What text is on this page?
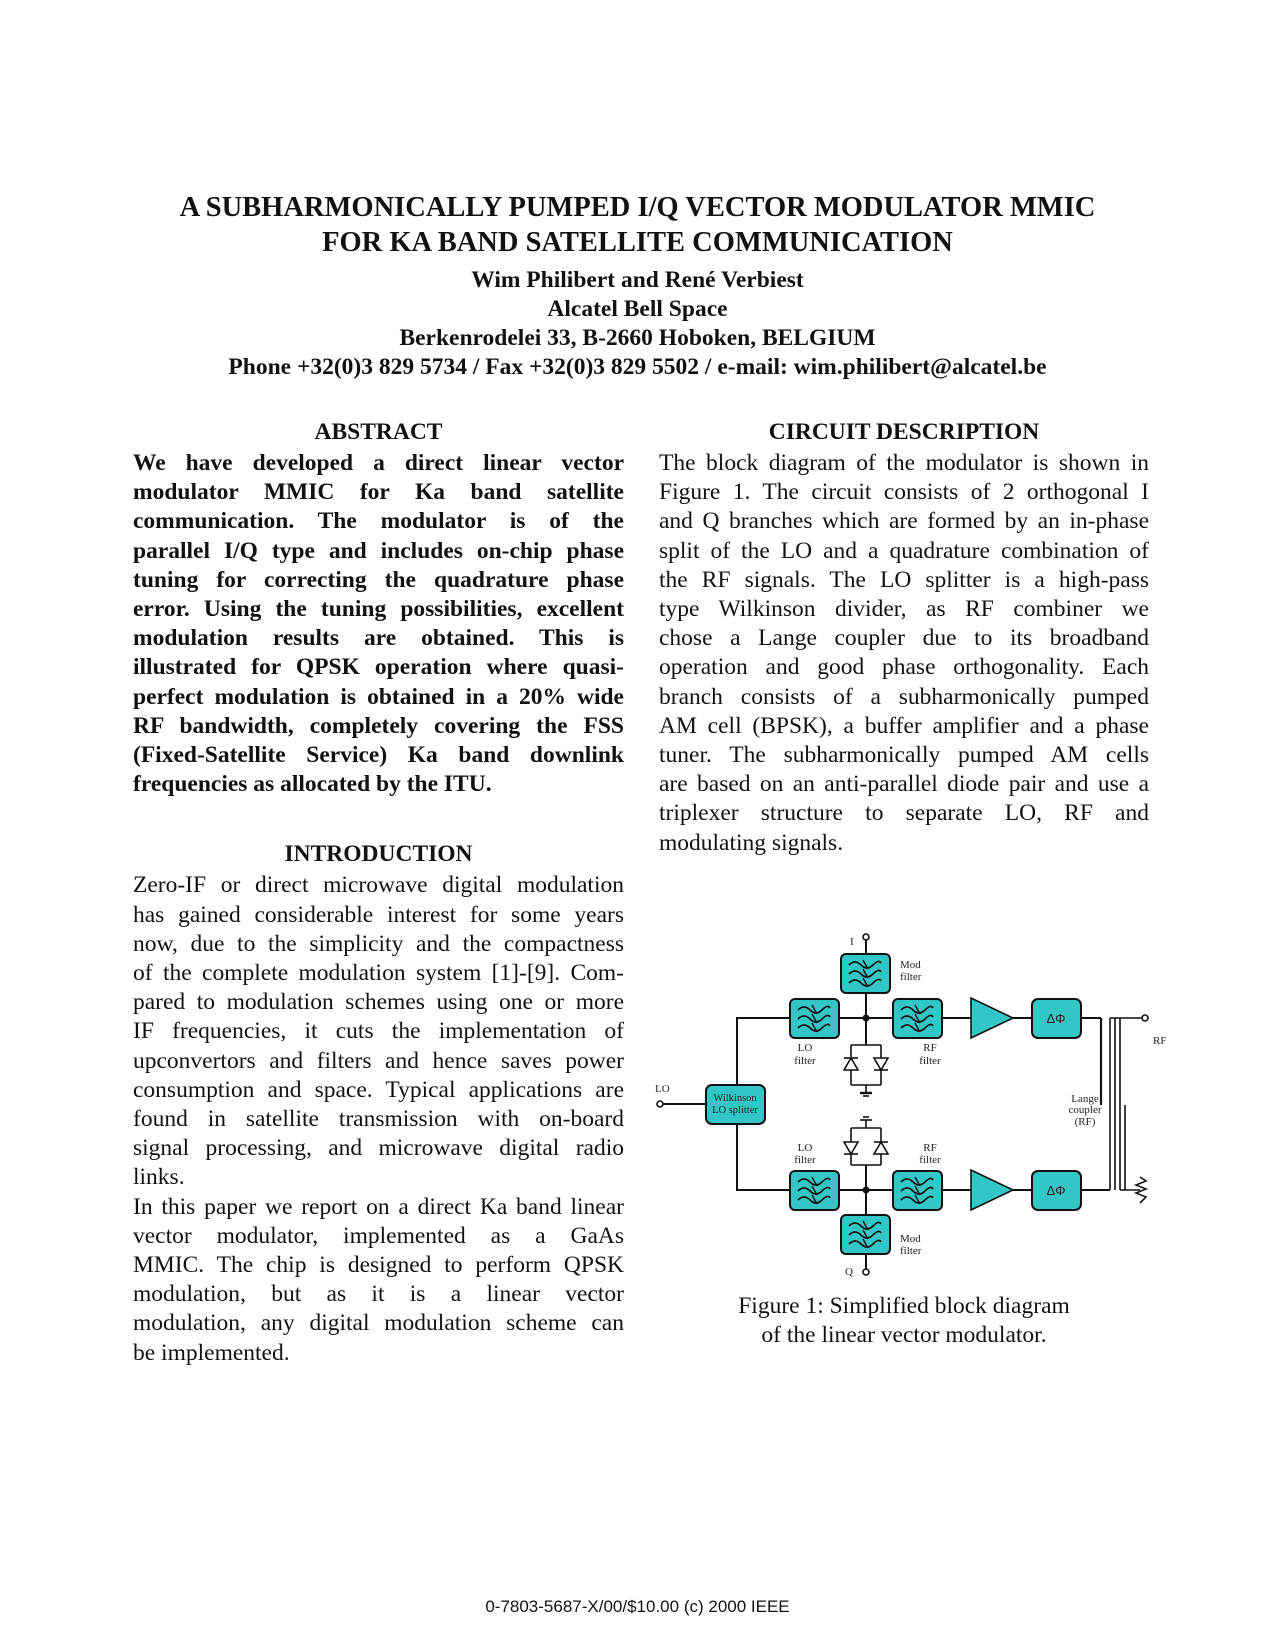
A SUBHARMONICALLY PUMPED I/Q VECTOR MODULATOR MMIC
FOR KA BAND SATELLITE COMMUNICATION
Wim Philibert and René Verbiest
Alcatel Bell Space
Berkenrodelei 33, B-2660 Hoboken, BELGIUM
Phone +32(0)3 829 5734 / Fax +32(0)3 829 5502 / e-mail: wim.philibert@alcatel.be
ABSTRACT
We have developed a direct linear vector
modulator MMIC for Ka band satellite
communication. The modulator is of the
parallel I/Q type and includes on-chip phase
tuning for correcting the quadrature phase
error. Using the tuning possibilities, excellent
modulation results are obtained. This is
illustrated for QPSK operation where quasi-
perfect modulation is obtained in a 20% wide
RF bandwidth, completely covering the FSS
(Fixed-Satellite Service) Ka band downlink
frequencies as allocated by the ITU.
INTRODUCTION
Zero-IF or direct microwave digital modulation
has gained considerable interest for some years
now, due to the simplicity and the compactness
of the complete modulation system [1]-[9]. Com-
pared to modulation schemes using one or more
IF frequencies, it cuts the implementation of
upconvertors and filters and hence saves power
consumption and space. Typical applications are
found in satellite transmission with on-board
signal processing, and microwave digital radio
links.
In this paper we report on a direct Ka band linear
vector modulator, implemented as a GaAs
MMIC. The chip is designed to perform QPSK
modulation, but as it is a linear vector
modulation, any digital modulation scheme can
be implemented.
CIRCUIT DESCRIPTION
The block diagram of the modulator is shown in
Figure 1. The circuit consists of 2 orthogonal I
and Q branches which are formed by an in-phase
split of the LO and a quadrature combination of
the RF signals. The LO splitter is a high-pass
type Wilkinson divider, as RF combiner we
chose a Lange coupler due to its broadband
operation and good phase orthogonality. Each
branch consists of a subharmonically pumped
AM cell (BPSK), a buffer amplifier and a phase
tuner. The subharmonically pumped AM cells
are based on an anti-parallel diode pair and use a
triplexer structure to separate LO, RF and
modulating signals.
Wilkinson
LO splitter
ΔΦ
ΔΦ
I
Q
LO
RF
Mod
filter
Mod
filter
LO
filter
LO
filter
RF
filter
RF
filter
Lange
coupler
(RF)
Figure 1: Simplified block diagram
of the linear vector modulator.
0-7803-5687-X/00/$10.00 (c) 2000 IEEE
